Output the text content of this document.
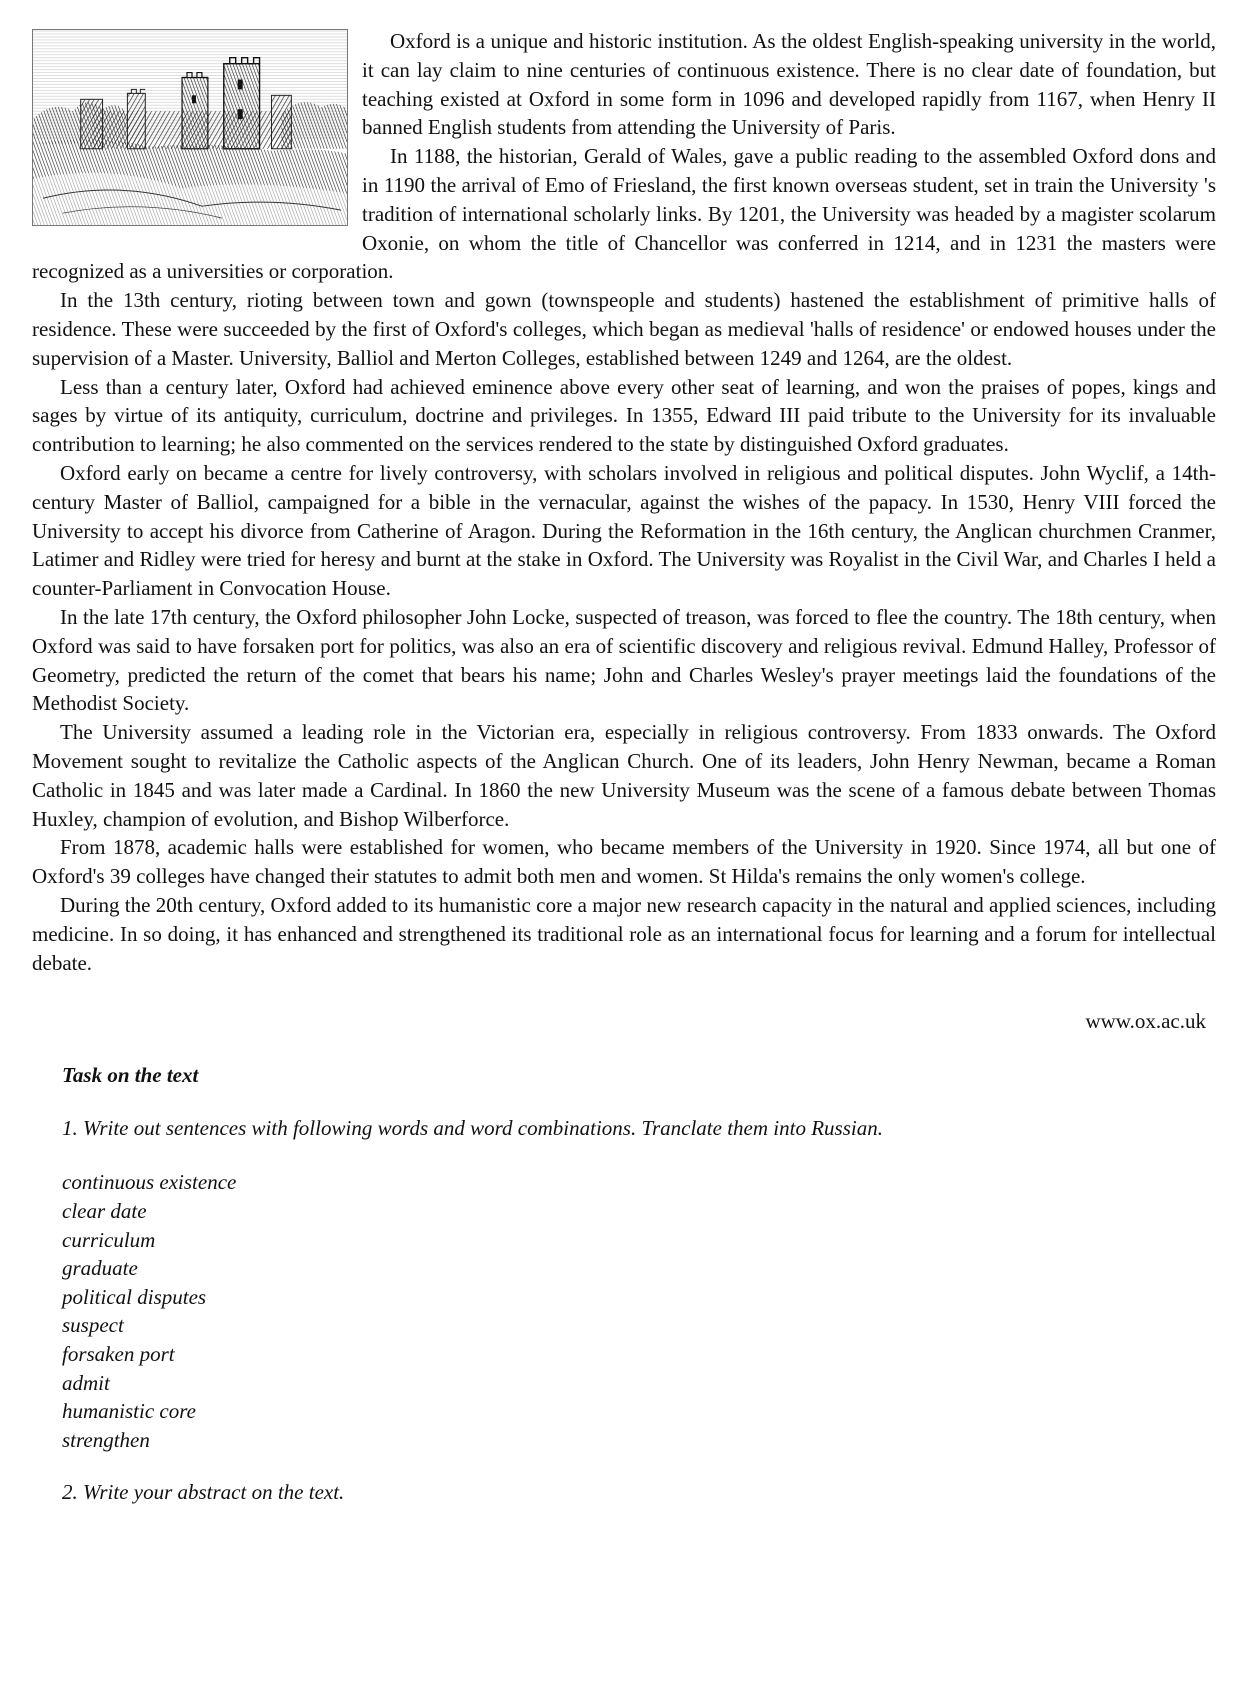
Oxford is a unique and historic institution. As the oldest English-speaking university in the world, it can lay claim to nine centuries of continuous existence. There is no clear date of foundation, but teaching existed at Oxford in some form in 1096 and developed rapidly from 1167, when Henry II banned English students from attending the University of Paris.

In 1188, the historian, Gerald of Wales, gave a public reading to the assembled Oxford dons and in 1190 the arrival of Emo of Friesland, the first known overseas student, set in train the University 's tradition of international scholarly links. By 1201, the University was headed by a magister scolarum Oxonie, on whom the title of Chancellor was conferred in 1214, and in 1231 the masters were recognized as a universities or corporation.

In the 13th century, rioting between town and gown (townspeople and students) hastened the establishment of primitive halls of residence. These were succeeded by the first of Oxford's colleges, which began as medieval 'halls of residence' or endowed houses under the supervision of a Master. University, Balliol and Merton Colleges, established between 1249 and 1264, are the oldest.

Less than a century later, Oxford had achieved eminence above every other seat of learning, and won the praises of popes, kings and sages by virtue of its antiquity, curriculum, doctrine and privileges. In 1355, Edward III paid tribute to the University for its invaluable contribution to learning; he also commented on the services rendered to the state by distinguished Oxford graduates.

Oxford early on became a centre for lively controversy, with scholars involved in religious and political disputes. John Wyclif, a 14th-century Master of Balliol, campaigned for a bible in the vernacular, against the wishes of the papacy. In 1530, Henry VIII forced the University to accept his divorce from Catherine of Aragon. During the Reformation in the 16th century, the Anglican churchmen Cranmer, Latimer and Ridley were tried for heresy and burnt at the stake in Oxford. The University was Royalist in the Civil War, and Charles I held a counter-Parliament in Convocation House.

In the late 17th century, the Oxford philosopher John Locke, suspected of treason, was forced to flee the country. The 18th century, when Oxford was said to have forsaken port for politics, was also an era of scientific discovery and religious revival. Edmund Halley, Professor of Geometry, predicted the return of the comet that bears his name; John and Charles Wesley's prayer meetings laid the foundations of the Methodist Society.

The University assumed a leading role in the Victorian era, especially in religious controversy. From 1833 onwards. The Oxford Movement sought to revitalize the Catholic aspects of the Anglican Church. One of its leaders, John Henry Newman, became a Roman Catholic in 1845 and was later made a Cardinal. In 1860 the new University Museum was the scene of a famous debate between Thomas Huxley, champion of evolution, and Bishop Wilberforce.

From 1878, academic halls were established for women, who became members of the University in 1920. Since 1974, all but one of Oxford's 39 colleges have changed their statutes to admit both men and women. St Hilda's remains the only women's college.

During the 20th century, Oxford added to its humanistic core a major new research capacity in the natural and applied sciences, including medicine. In so doing, it has enhanced and strengthened its traditional role as an international focus for learning and a forum for intellectual debate.

www.ox.ac.uk

Task on the text

1. Write out sentences with following words and word combinations. Tranclate them into Russian.

continuous existence
clear date
curriculum
graduate
political disputes
suspect
forsaken port
admit
humanistic core
strengthen

2. Write your abstract on the text.
